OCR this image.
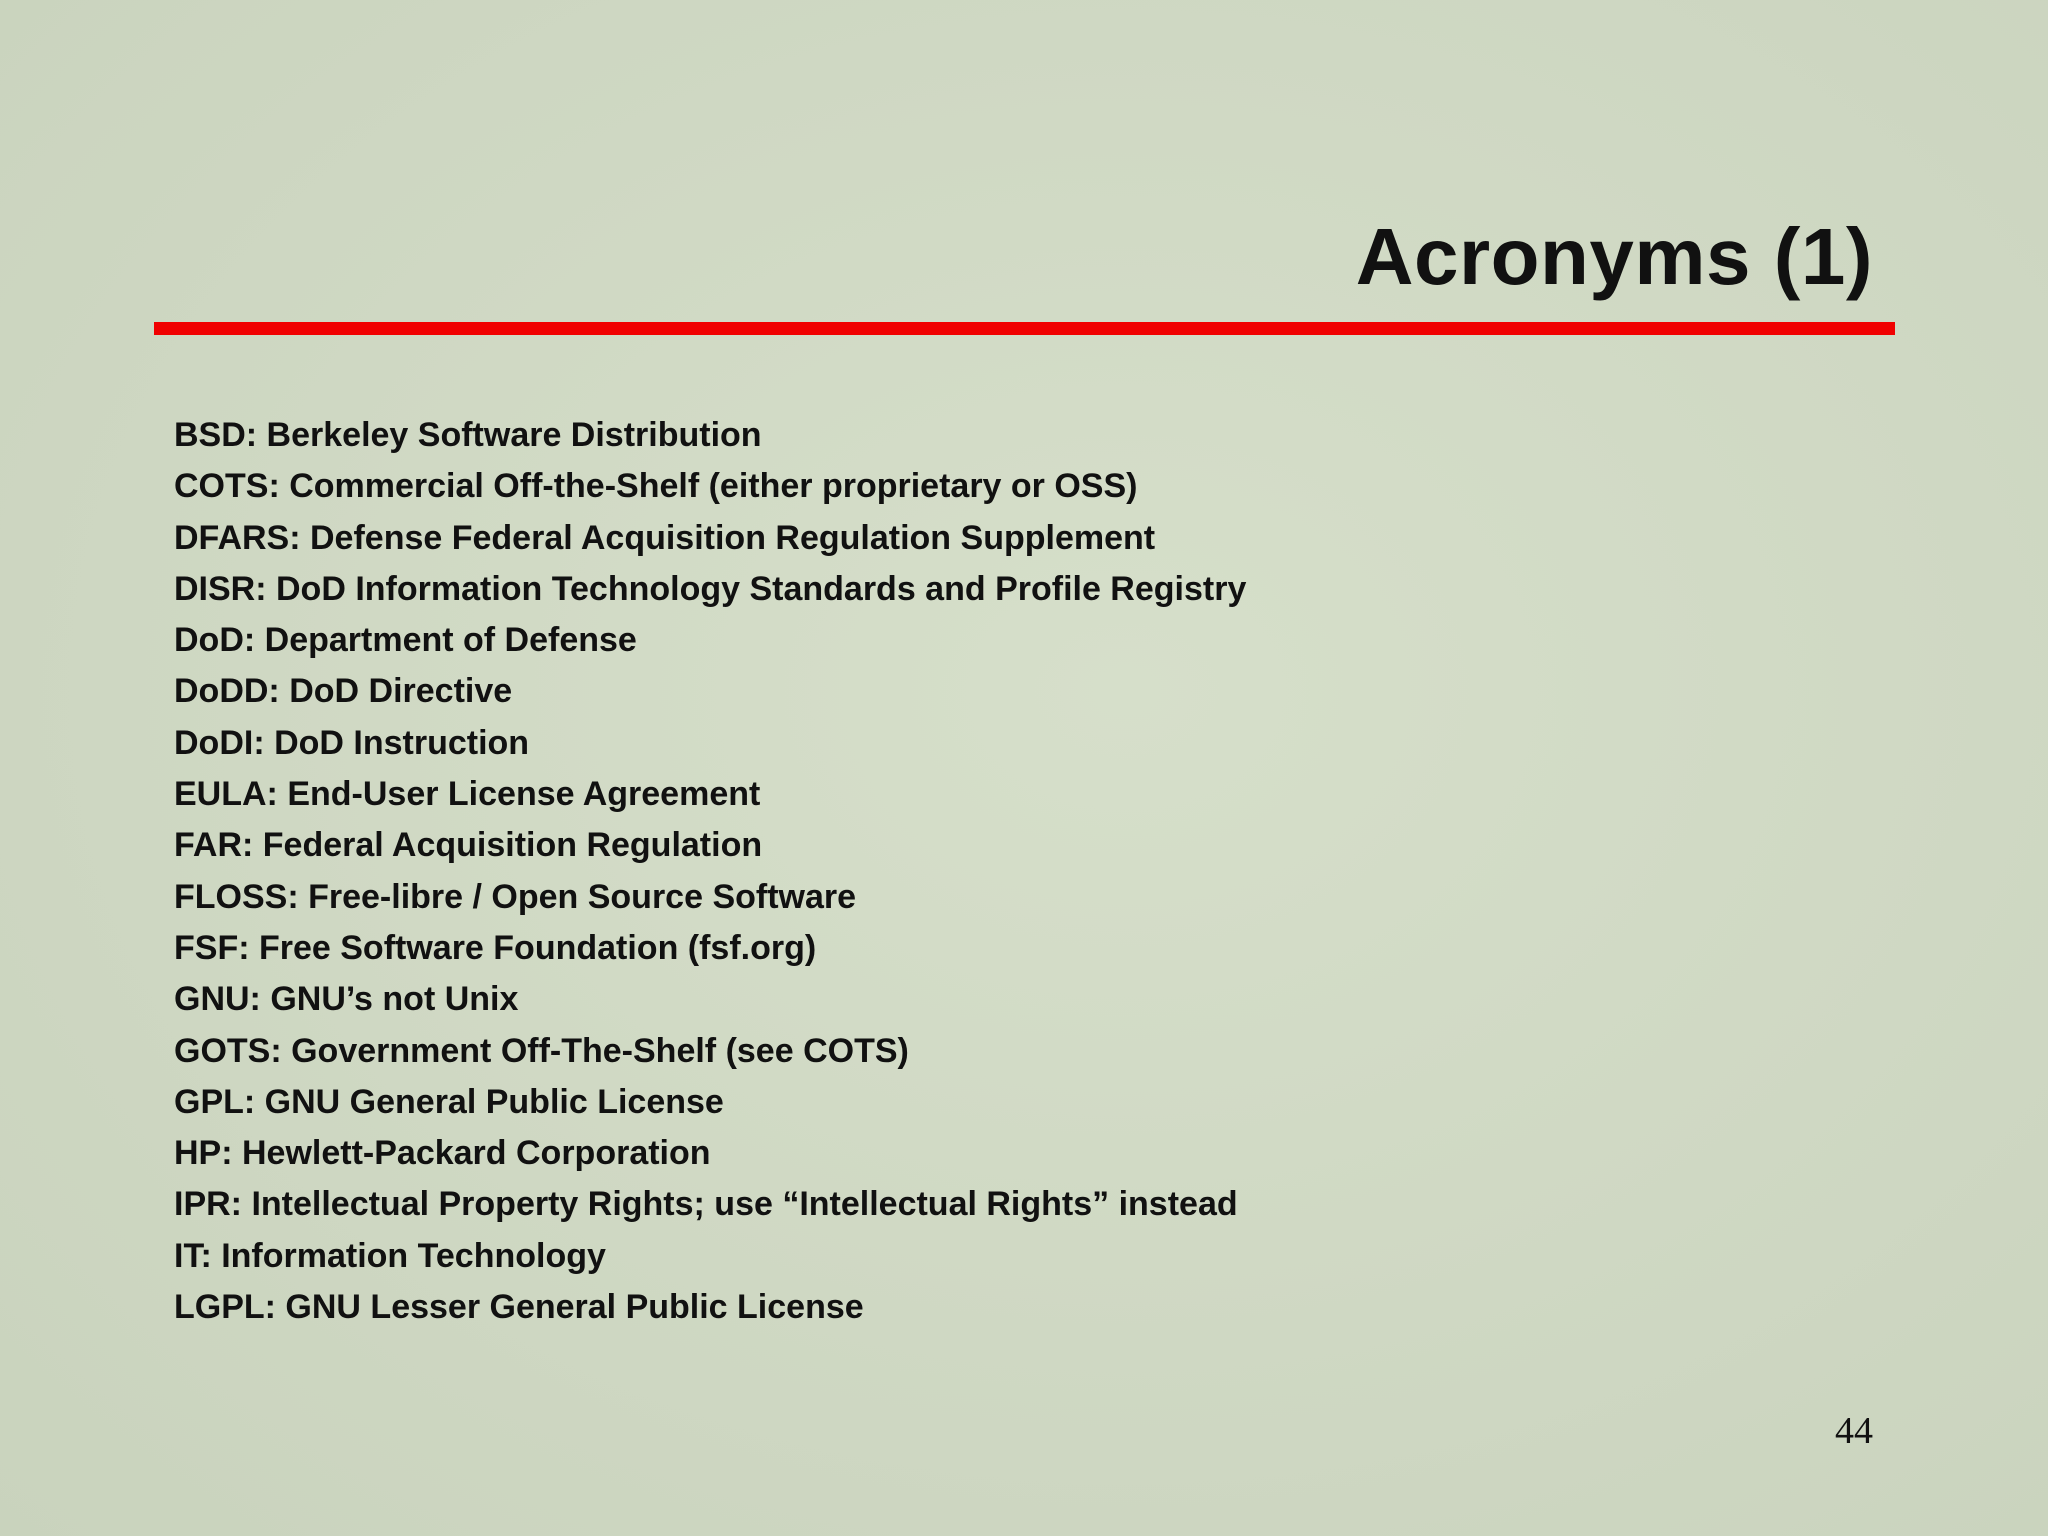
Acronyms (1)
BSD: Berkeley Software Distribution
COTS: Commercial Off-the-Shelf (either proprietary or OSS)
DFARS: Defense Federal Acquisition Regulation Supplement
DISR: DoD Information Technology Standards and Profile Registry
DoD: Department of Defense
DoDD: DoD Directive
DoDI: DoD Instruction
EULA: End-User License Agreement
FAR: Federal Acquisition Regulation
FLOSS: Free-libre / Open Source Software
FSF: Free Software Foundation (fsf.org)
GNU: GNU’s not Unix
GOTS: Government Off-The-Shelf (see COTS)
GPL: GNU General Public License
HP: Hewlett-Packard Corporation
IPR: Intellectual Property Rights; use “Intellectual Rights” instead
IT: Information Technology
LGPL: GNU Lesser General Public License
44
